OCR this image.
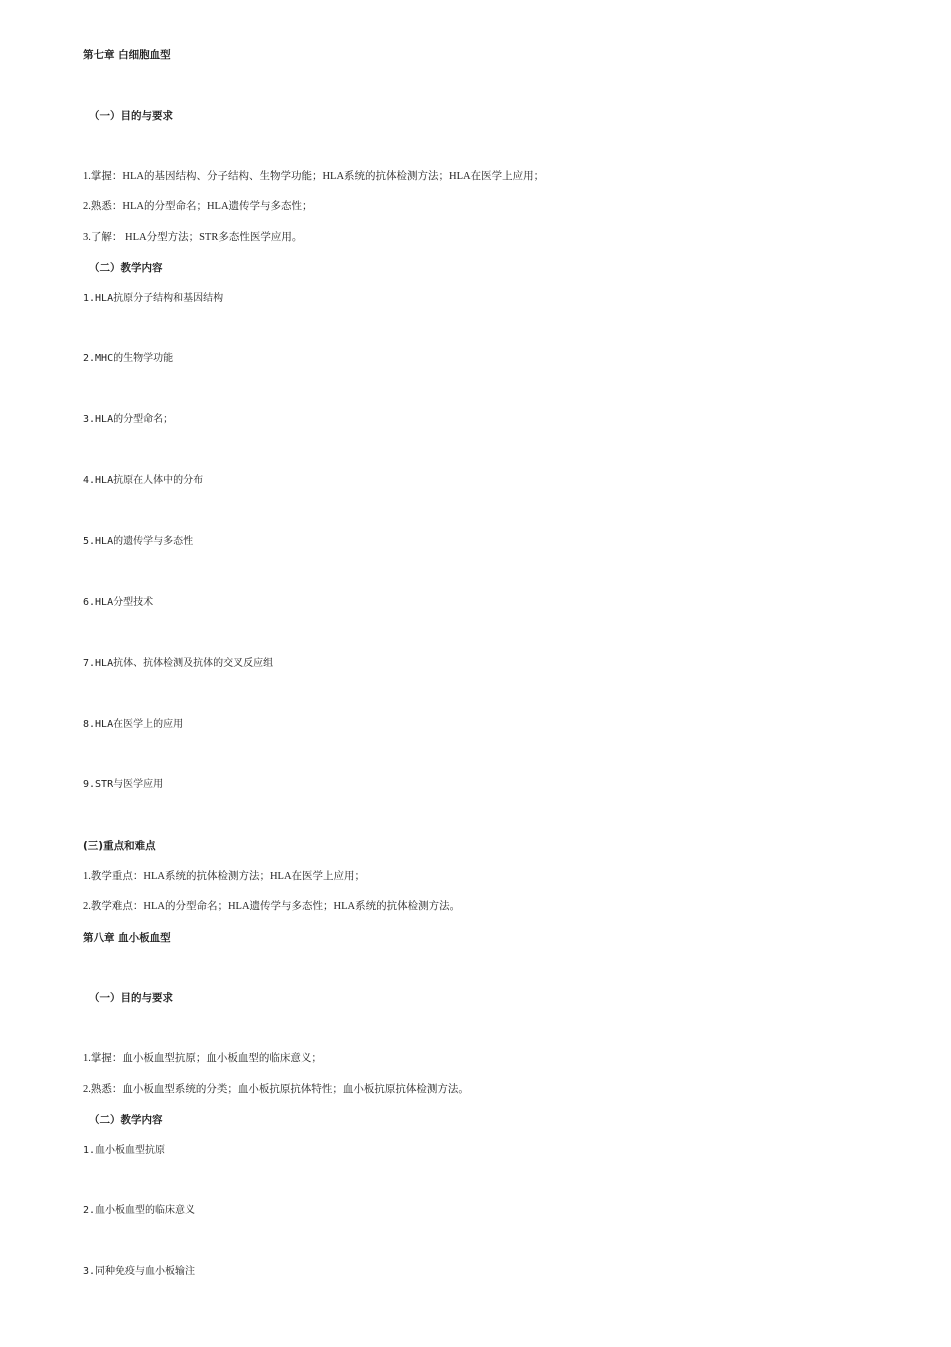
第七章 白细胞血型
（一）目的与要求
1.掌握：HLA的基因结构、分子结构、生物学功能；HLA系统的抗体检测方法；HLA在医学上应用；
2.熟悉：HLA的分型命名；HLA遗传学与多态性；
3.了解： HLA分型方法；STR多态性医学应用。
（二）教学内容
1.HLA抗原分子结构和基因结构
2.MHC的生物学功能
3.HLA的分型命名；
4.HLA抗原在人体中的分布
5.HLA的遗传学与多态性
6.HLA分型技术
7.HLA抗体、抗体检测及抗体的交叉反应组
8.HLA在医学上的应用
9.STR与医学应用
(三)重点和难点
1.教学重点：HLA系统的抗体检测方法；HLA在医学上应用；
2.教学难点：HLA的分型命名；HLA遗传学与多态性；HLA系统的抗体检测方法。
第八章 血小板血型
（一）目的与要求
1.掌握：血小板血型抗原；血小板血型的临床意义；
2.熟悉：血小板血型系统的分类；血小板抗原抗体特性；血小板抗原抗体检测方法。
（二）教学内容
1.血小板血型抗原
2.血小板血型的临床意义
3.同种免疫与血小板输注
